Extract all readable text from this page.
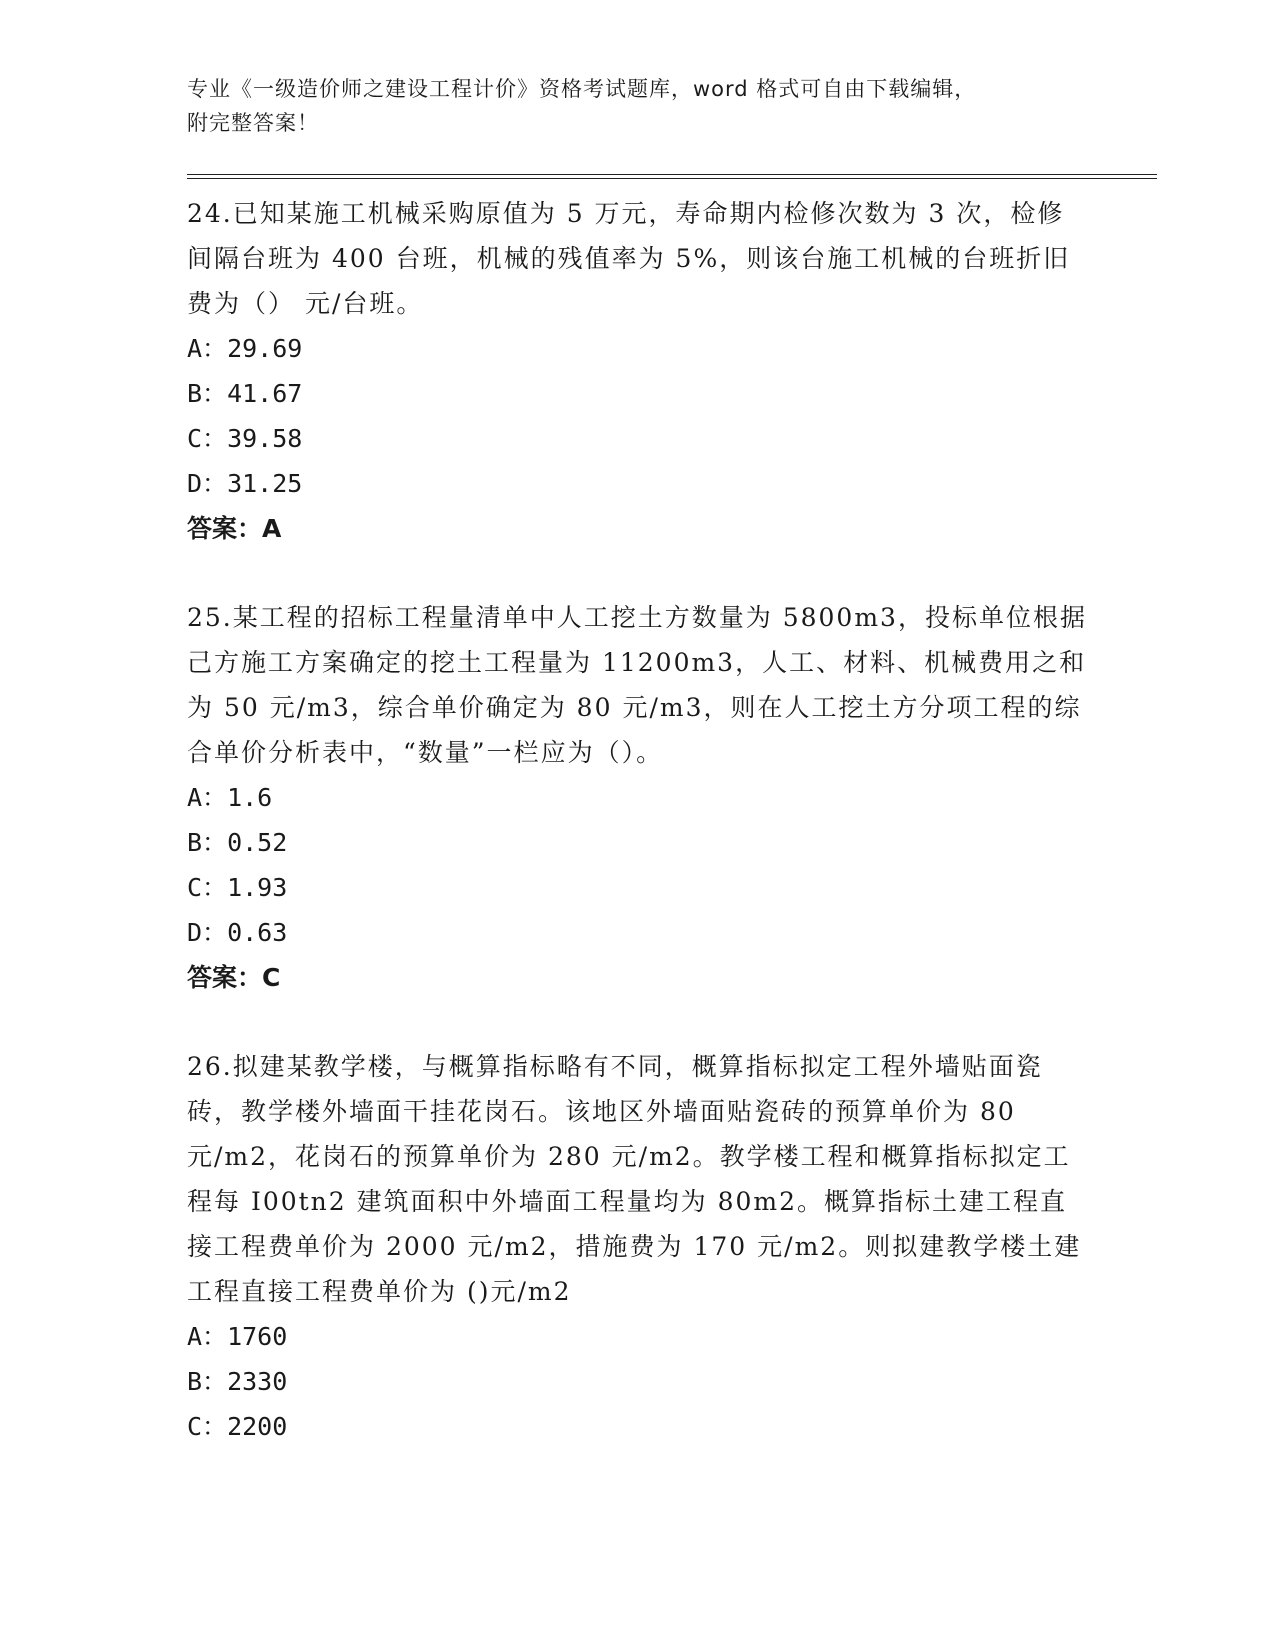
专业《一级造价师之建设工程计价》资格考试题库，word 格式可自由下载编辑，
附完整答案！

24.已知某施工机械采购原值为 5 万元，寿命期内检修次数为 3 次，检修间隔台班为 400 台班，机械的残值率为 5%，则该台施工机械的台班折旧费为（） 元/台班。

A：29.69

B：41.67

C：39.58

D：31.25

答案：A

25.某工程的招标工程量清单中人工挖土方数量为 5800m3，投标单位根据己方施工方案确定的挖土工程量为 11200m3，人工、材料、机械费用之和为 50 元/m3，综合单价确定为 80 元/m3，则在人工挖土方分项工程的综合单价分析表中，“数量”一栏应为（）。

A：1.6

B：0.52

C：1.93

D：0.63

答案：C

26.拟建某教学楼，与概算指标略有不同，概算指标拟定工程外墙贴面瓷砖，教学楼外墙面干挂花岗石。该地区外墙面贴瓷砖的预算单价为 80 元/m2，花岗石的预算单价为 280 元/m2。教学楼工程和概算指标拟定工程每 I00tn2 建筑面积中外墙面工程量均为 80m2。概算指标土建工程直接工程费单价为 2000 元/m2，措施费为 170 元/m2。则拟建教学楼土建工程直接工程费单价为 ()元/m2

A：1760

B：2330

C：2200
